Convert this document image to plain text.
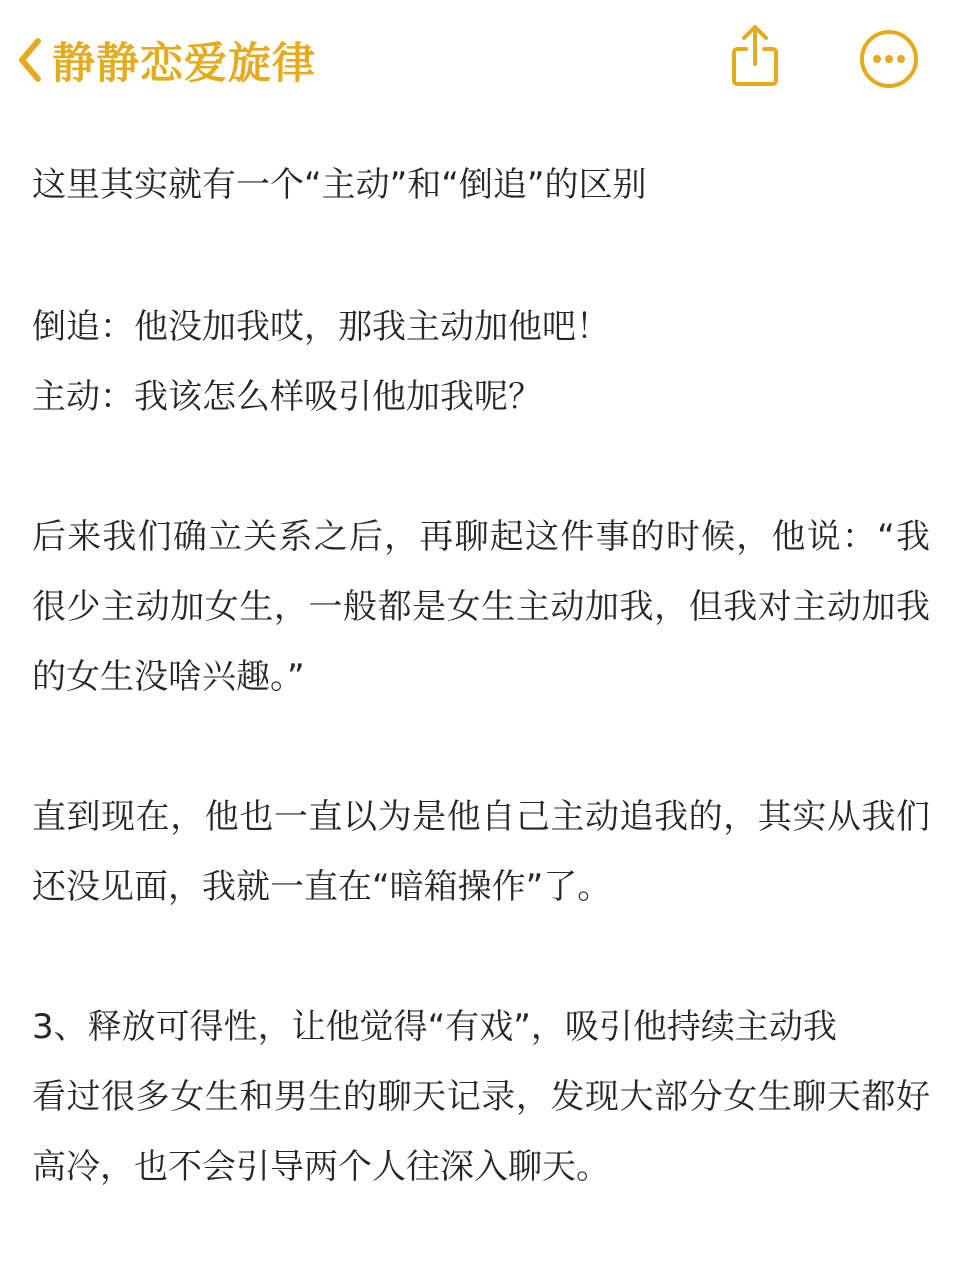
静静恋爱旋律

这里其实就有一个“主动”和“倒追”的区别

倒追：他没加我哎，那我主动加他吧！

主动：我该怎么样吸引他加我呢？

后来我们确立关系之后，再聊起这件事的时候，他说：“我很少主动加女生，一般都是女生主动加我，但我对主动加我的女生没啥兴趣。”

直到现在，他也一直以为是他自己主动追我的，其实从我们还没见面，我就一直在“暗箱操作”了。

3、释放可得性，让他觉得“有戏”，吸引他持续主动我

看过很多女生和男生的聊天记录，发现大部分女生聊天都好高冷，也不会引导两个人往深入聊天。
